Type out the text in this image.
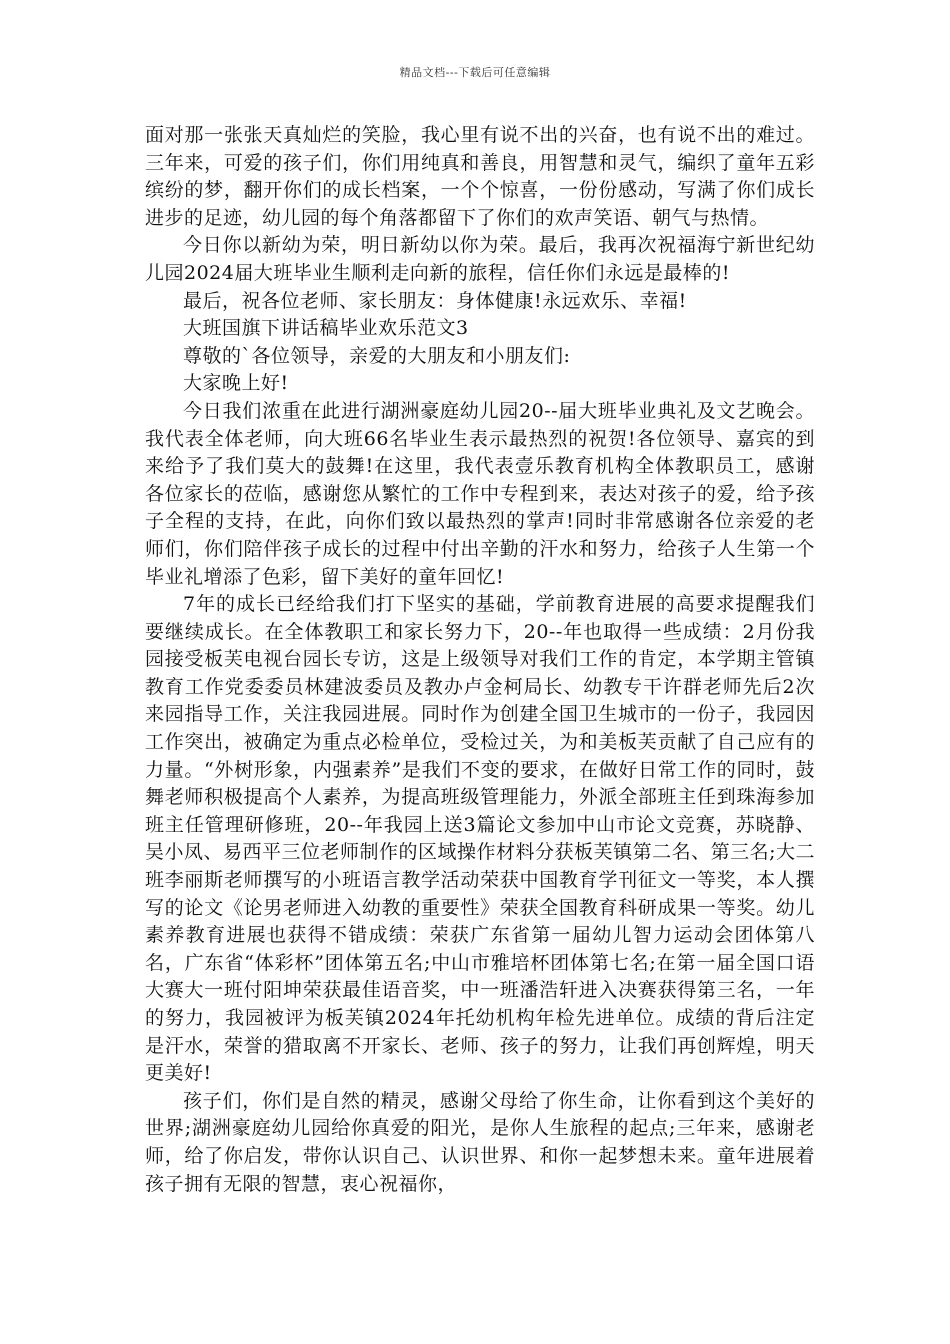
精品文档---下载后可任意编辑

面对那一张张天真灿烂的笑脸，我心里有说不出的兴奋，也有说不出的难过。三年来，可爱的孩子们，你们用纯真和善良，用智慧和灵气，编织了童年五彩缤纷的梦，翻开你们的成长档案，一个个惊喜，一份份感动，写满了你们成长进步的足迹，幼儿园的每个角落都留下了你们的欢声笑语、朝气与热情。

今日你以新幼为荣，明日新幼以你为荣。最后，我再次祝福海宁新世纪幼儿园2024届大班毕业生顺利走向新的旅程，信任你们永远是最棒的!

最后，祝各位老师、家长朋友：身体健康!永远欢乐、幸福!

大班国旗下讲话稿毕业欢乐范文3

尊敬的`各位领导，亲爱的大朋友和小朋友们:

大家晚上好!

今日我们浓重在此进行湖洲豪庭幼儿园20--届大班毕业典礼及文艺晚会。我代表全体老师，向大班66名毕业生表示最热烈的祝贺!各位领导、嘉宾的到来给予了我们莫大的鼓舞!在这里，我代表壹乐教育机构全体教职员工，感谢各位家长的莅临，感谢您从繁忙的工作中专程到来，表达对孩子的爱，给予孩子全程的支持，在此，向你们致以最热烈的掌声!同时非常感谢各位亲爱的老师们，你们陪伴孩子成长的过程中付出辛勤的汗水和努力，给孩子人生第一个毕业礼增添了色彩，留下美好的童年回忆!

7年的成长已经给我们打下坚实的基础，学前教育进展的高要求提醒我们要继续成长。在全体教职工和家长努力下，20--年也取得一些成绩：2月份我园接受板芙电视台园长专访，这是上级领导对我们工作的肯定，本学期主管镇教育工作党委委员林建波委员及教办卢金柯局长、幼教专干许群老师先后2次来园指导工作，关注我园进展。同时作为创建全国卫生城市的一份子，我园因工作突出，被确定为重点必检单位，受检过关，为和美板芙贡献了自己应有的力量。“外树形象，内强素养”是我们不变的要求，在做好日常工作的同时，鼓舞老师积极提高个人素养，为提高班级管理能力，外派全部班主任到珠海参加班主任管理研修班，20--年我园上送3篇论文参加中山市论文竞赛，苏晓静、吴小凤、易西平三位老师制作的区域操作材料分获板芙镇第二名、第三名;大二班李丽斯老师撰写的小班语言教学活动荣获中国教育学刊征文一等奖，本人撰写的论文《论男老师进入幼教的重要性》荣获全国教育科研成果一等奖。幼儿素养教育进展也获得不错成绩：荣获广东省第一届幼儿智力运动会团体第八名，广东省“体彩杯”团体第五名;中山市雅培杯团体第七名;在第一届全国口语大赛大一班付阳坤荣获最佳语音奖，中一班潘浩轩进入决赛获得第三名，一年的努力，我园被评为板芙镇2024年托幼机构年检先进单位。成绩的背后注定是汗水，荣誉的猎取离不开家长、老师、孩子的努力，让我们再创辉煌，明天更美好!

孩子们，你们是自然的精灵，感谢父母给了你生命，让你看到这个美好的世界;湖洲豪庭幼儿园给你真爱的阳光，是你人生旅程的起点;三年来，感谢老师，给了你启发，带你认识自己、认识世界、和你一起梦想未来。童年进展着孩子拥有无限的智慧，衷心祝福你，
